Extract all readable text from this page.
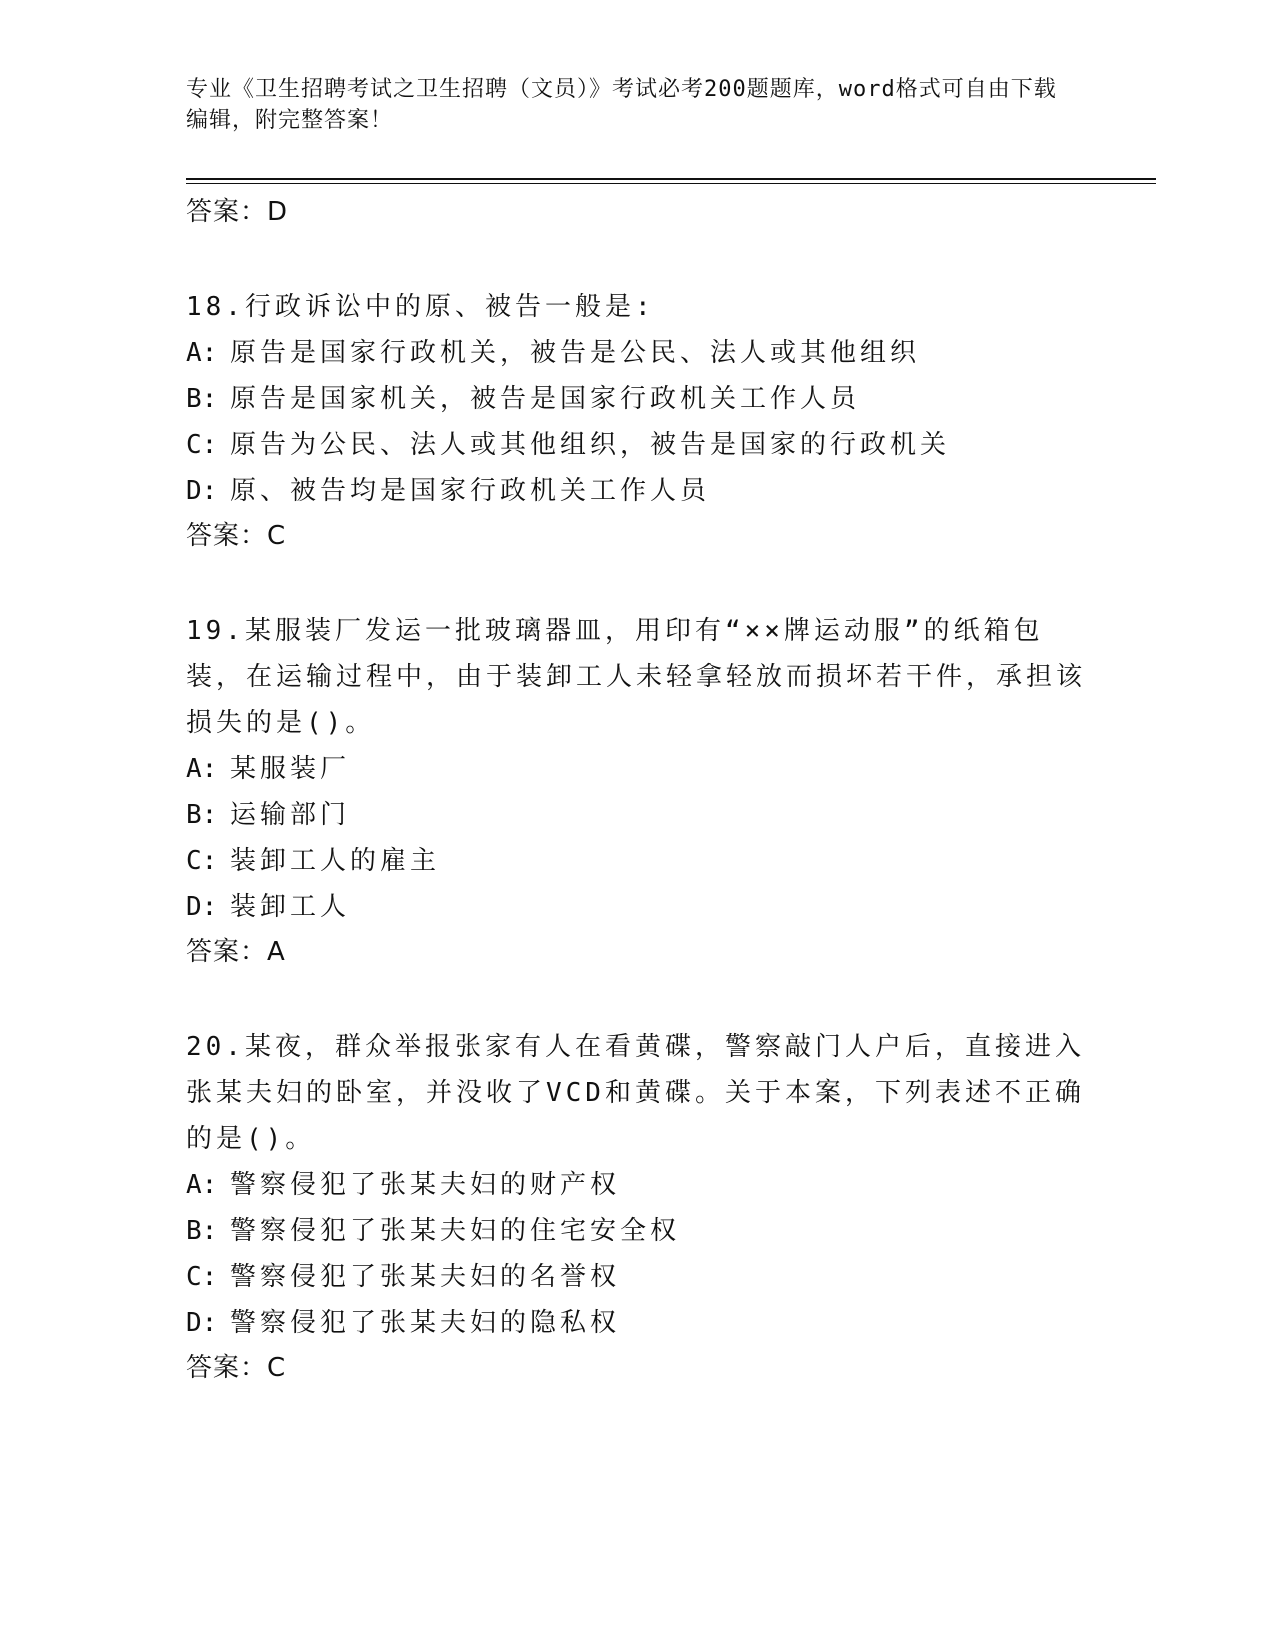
专业《卫生招聘考试之卫生招聘（文员）》考试必考200题题库，word格式可自由下载编辑，附完整答案！
答案：D
18.行政诉讼中的原、被告一般是:
A: 原告是国家行政机关，被告是公民、法人或其他组织
B: 原告是国家机关，被告是国家行政机关工作人员
C: 原告为公民、法人或其他组织，被告是国家的行政机关
D: 原、被告均是国家行政机关工作人员
答案：C
19.某服装厂发运一批玻璃器皿，用印有“××牌运动服”的纸箱包装，在运输过程中，由于装卸工人未轻拿轻放而损坏若干件，承担该损失的是()。
A: 某服装厂
B: 运输部门
C: 装卸工人的雇主
D: 装卸工人
答案：A
20.某夜，群众举报张家有人在看黄碟，警察敲门人户后，直接进入张某夫妇的卧室，并没收了VCD和黄碟。关于本案，下列表述不正确的是()。
A: 警察侵犯了张某夫妇的财产权
B: 警察侵犯了张某夫妇的住宅安全权
C: 警察侵犯了张某夫妇的名誉权
D: 警察侵犯了张某夫妇的隐私权
答案：C
